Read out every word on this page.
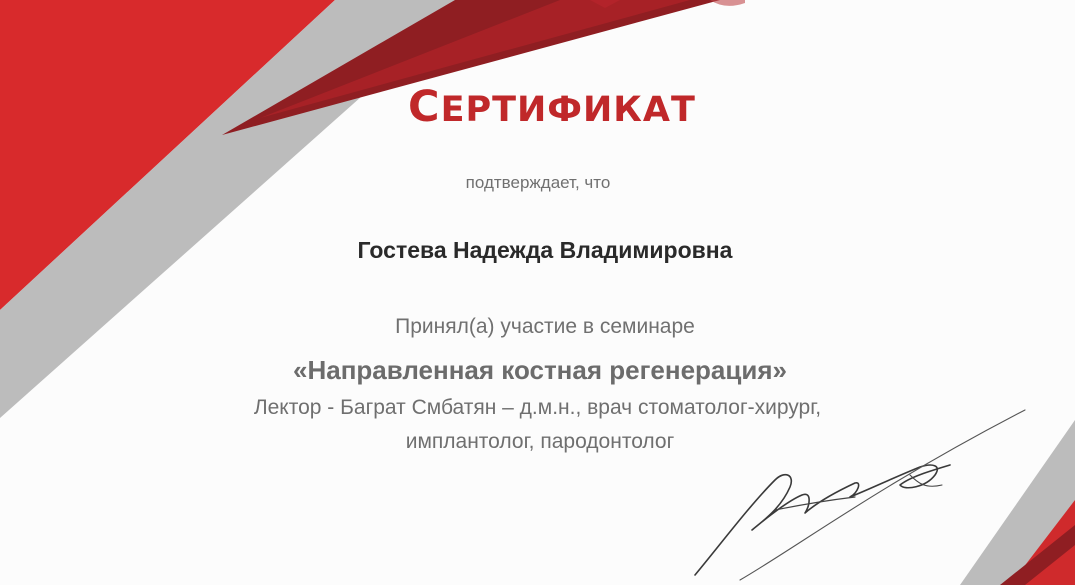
СЕРТИФИКАТ
подтверждает, что
Гостева Надежда Владимировна
Принял(а) участие в семинаре
«Направленная костная регенерация»
Лектор - Баграт Смбатян – д.м.н., врач стоматолог-хирург,
имплантолог, пародонтолог
